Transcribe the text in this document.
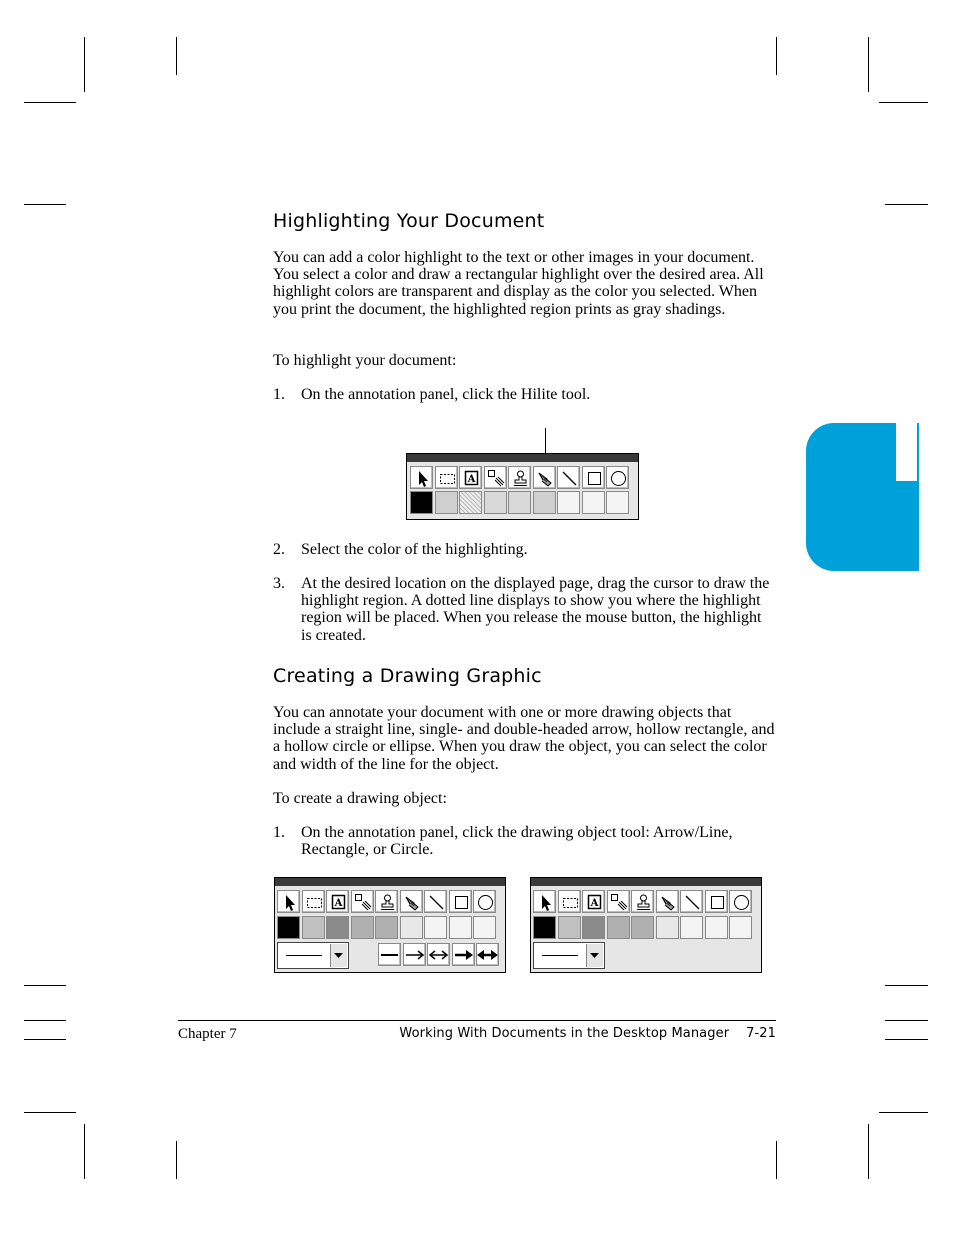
Highlighting Your Document

You can add a color highlight to the text or other images in your document. You select a color and draw a rectangular highlight over the desired area. All highlight colors are transparent and display as the color you selected. When you print the document, the highlighted region prints as gray shadings.

To highlight your document:

1. On the annotation panel, click the Hilite tool.
A
2. Select the color of the highlighting.
3. At the desired location on the displayed page, drag the cursor to draw the highlight region. A dotted line displays to show you where the highlight region will be placed. When you release the mouse button, the highlight is created.
Creating a Drawing Graphic

You can annotate your document with one or more drawing objects that include a straight line, single- and double-headed arrow, hollow rectangle, and a hollow circle or ellipse. When you draw the object, you can select the color and width of the line for the object.

To create a drawing object:

1. On the annotation panel, click the drawing object tool: Arrow/Line, Rectangle, or Circle.
A	A
Chapter 7	Working With Documents in the Desktop Manager 7-21
